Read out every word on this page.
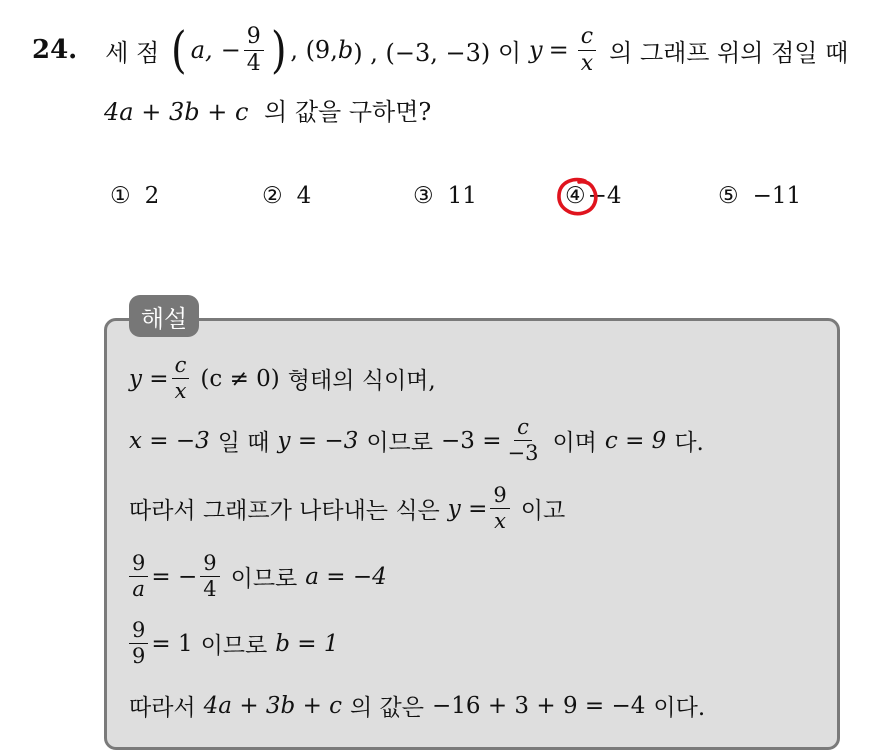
24. 세 점 ( a, − $\frac{9}{4}$ ) , (9, b ) , (−3, −3) 이 $y = \frac{c}{x}$ 의 그래프 위의 점일 때
4a + 3b + c 의 값을 구하면?
① 2	② 4	③ 11	④−4	⑤ −11
해설
$y = \frac{c}{x} (c \ne 0)$ 형태의 식이며,
x = −3 일 때 y = −3 이므로 $-3 = \frac{c}{-3}$ 이며 c = 9 다.
따라서 그래프가 나타내는 식은 $y = \frac{9}{x}$ 이고
$\frac{9}{a}$ = − $\frac{9}{4}$ 이므로 a = −4
$\frac{9}{9} = 1$ 이므로 b = 1
따라서 4a + 3b + c 의 값은 −16 + 3 + 9 = −4 이다.
